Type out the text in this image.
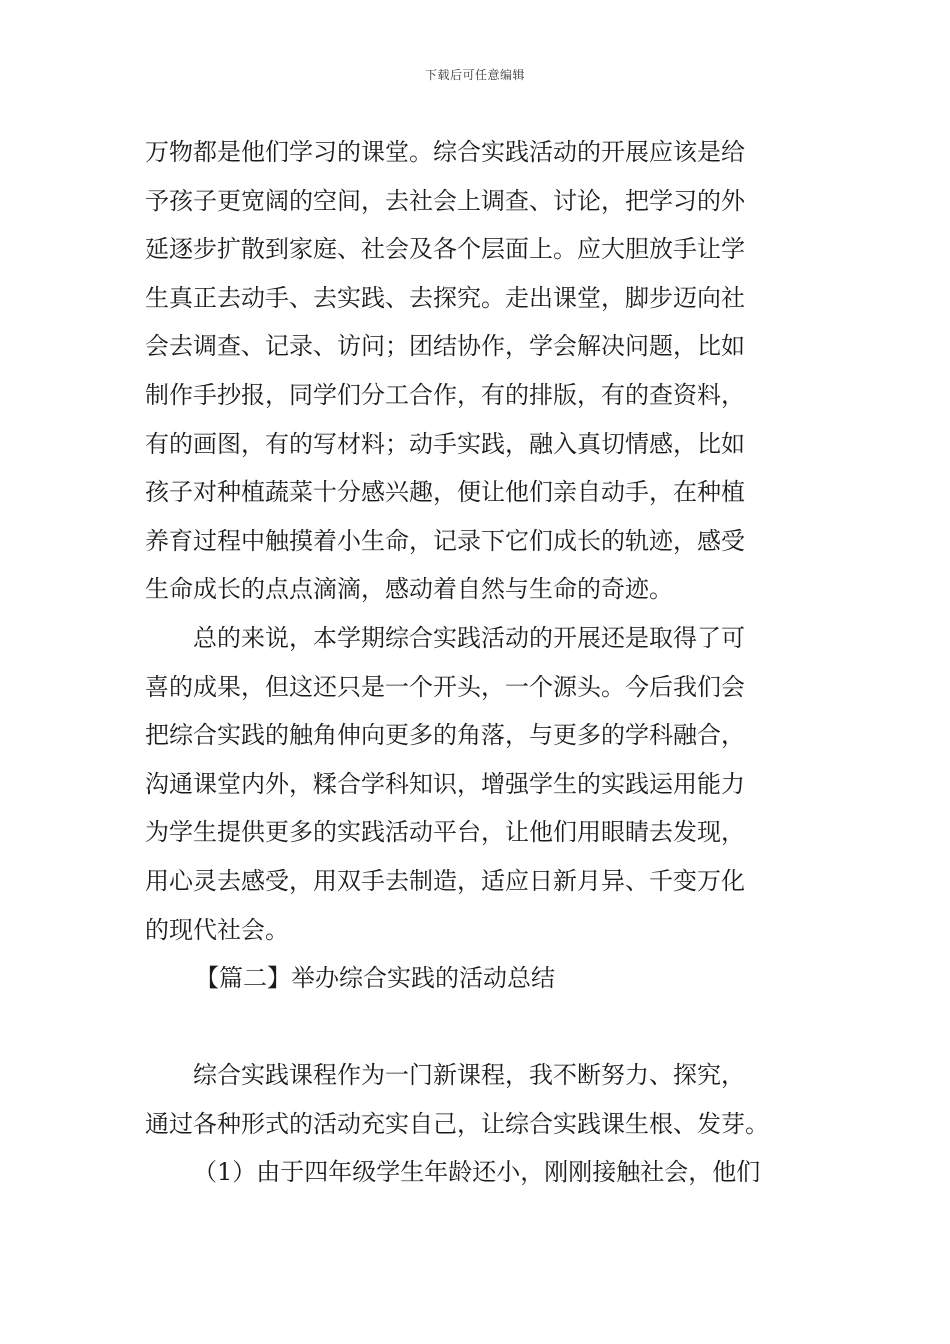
下载后可任意编辑
万物都是他们学习的课堂。综合实践活动的开展应该是给
予孩子更宽阔的空间，去社会上调查、讨论，把学习的外
延逐步扩散到家庭、社会及各个层面上。应大胆放手让学
生真正去动手、去实践、去探究。走出课堂，脚步迈向社
会去调查、记录、访问；团结协作，学会解决问题，比如
制作手抄报，同学们分工合作，有的排版，有的查资料，
有的画图，有的写材料；动手实践，融入真切情感，比如
孩子对种植蔬菜十分感兴趣，便让他们亲自动手，在种植
养育过程中触摸着小生命，记录下它们成长的轨迹，感受
生命成长的点点滴滴，感动着自然与生命的奇迹。
总的来说，本学期综合实践活动的开展还是取得了可
喜的成果，但这还只是一个开头，一个源头。今后我们会
把综合实践的触角伸向更多的角落，与更多的学科融合，
沟通课堂内外，糅合学科知识，增强学生的实践运用能力
为学生提供更多的实践活动平台，让他们用眼睛去发现，
用心灵去感受，用双手去制造，适应日新月异、千变万化
的现代社会。
【篇二】举办综合实践的活动总结
综合实践课程作为一门新课程，我不断努力、探究，
通过各种形式的活动充实自己，让综合实践课生根、发芽。
（1）由于四年级学生年龄还小，刚刚接触社会，他们
